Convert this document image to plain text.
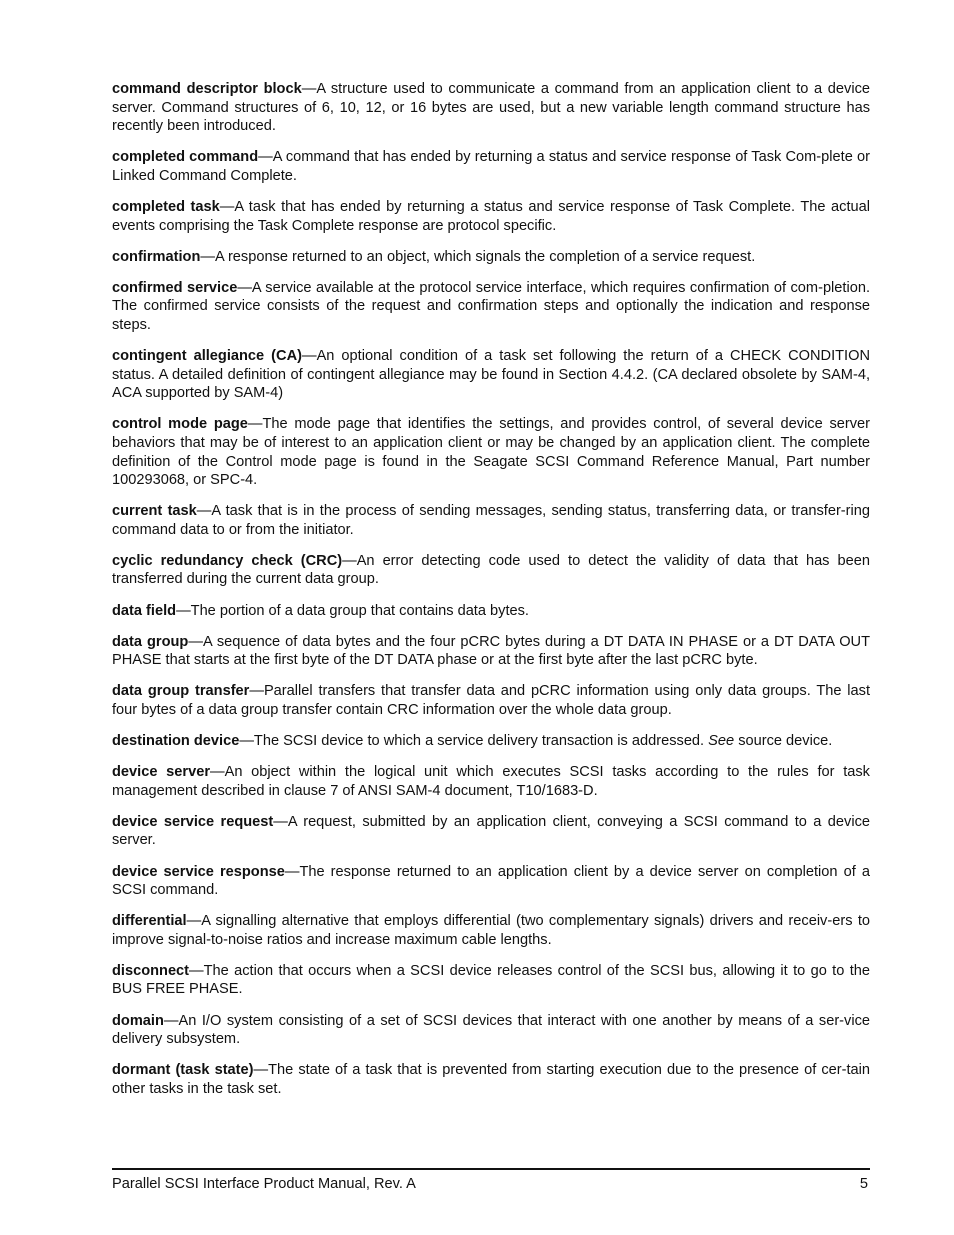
command descriptor block—A structure used to communicate a command from an application client to a device server. Command structures of 6, 10, 12, or 16 bytes are used, but a new variable length command structure has recently been introduced.

completed command—A command that has ended by returning a status and service response of Task Com-plete or Linked Command Complete.

completed task—A task that has ended by returning a status and service response of Task Complete. The actual events comprising the Task Complete response are protocol specific.

confirmation—A response returned to an object, which signals the completion of a service request.

confirmed service—A service available at the protocol service interface, which requires confirmation of com-pletion. The confirmed service consists of the request and confirmation steps and optionally the indication and response steps.

contingent allegiance (CA)—An optional condition of a task set following the return of a CHECK CONDITION status. A detailed definition of contingent allegiance may be found in Section 4.4.2. (CA declared obsolete by SAM-4, ACA supported by SAM-4)

control mode page—The mode page that identifies the settings, and provides control, of several device server behaviors that may be of interest to an application client or may be changed by an application client. The complete definition of the Control mode page is found in the Seagate SCSI Command Reference Manual, Part number 100293068, or SPC-4.

current task—A task that is in the process of sending messages, sending status, transferring data, or transfer-ring command data to or from the initiator.

cyclic redundancy check (CRC)—An error detecting code used to detect the validity of data that has been transferred during the current data group.

data field—The portion of a data group that contains data bytes.

data group—A sequence of data bytes and the four pCRC bytes during a DT DATA IN PHASE or a DT DATA OUT PHASE that starts at the first byte of the DT DATA phase or at the first byte after the last pCRC byte.

data group transfer—Parallel transfers that transfer data and pCRC information using only data groups. The last four bytes of a data group transfer contain CRC information over the whole data group.

destination device—The SCSI device to which a service delivery transaction is addressed. See source device.

device server—An object within the logical unit which executes SCSI tasks according to the rules for task management described in clause 7 of ANSI SAM-4 document, T10/1683-D.

device service request—A request, submitted by an application client, conveying a SCSI command to a device server.

device service response—The response returned to an application client by a device server on completion of a SCSI command.

differential—A signalling alternative that employs differential (two complementary signals) drivers and receiv-ers to improve signal-to-noise ratios and increase maximum cable lengths.

disconnect—The action that occurs when a SCSI device releases control of the SCSI bus, allowing it to go to the BUS FREE PHASE.

domain—An I/O system consisting of a set of SCSI devices that interact with one another by means of a ser-vice delivery subsystem.

dormant (task state)—The state of a task that is prevented from starting execution due to the presence of cer-tain other tasks in the task set.

Parallel SCSI Interface Product Manual, Rev. A	5
